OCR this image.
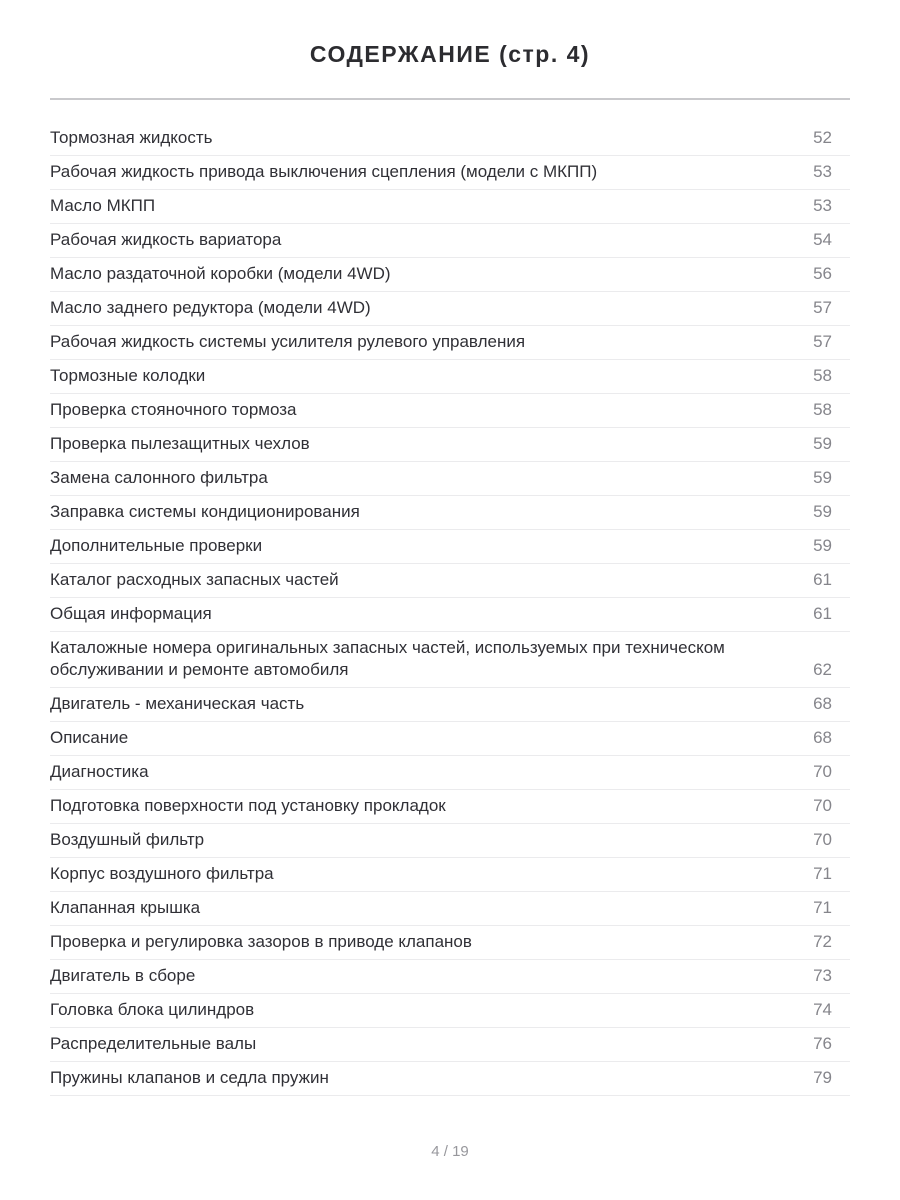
СОДЕРЖАНИЕ (стр. 4)
Тормозная жидкость	52
Рабочая жидкость привода выключения сцепления (модели с МКПП)	53
Масло МКПП	53
Рабочая жидкость вариатора	54
Масло раздаточной коробки (модели 4WD)	56
Масло заднего редуктора (модели 4WD)	57
Рабочая жидкость системы усилителя рулевого управления	57
Тормозные колодки	58
Проверка стояночного тормоза	58
Проверка пылезащитных чехлов	59
Замена салонного фильтра	59
Заправка системы кондиционирования	59
Дополнительные проверки	59
Каталог расходных запасных частей	61
Общая информация	61
Каталожные номера оригинальных запасных частей, используемых при техническом обслуживании и ремонте автомобиля	62
Двигатель - механическая часть	68
Описание	68
Диагностика	70
Подготовка поверхности под установку прокладок	70
Воздушный фильтр	70
Корпус воздушного фильтра	71
Клапанная крышка	71
Проверка и регулировка зазоров в приводе клапанов	72
Двигатель в сборе	73
Головка блока цилиндров	74
Распределительные валы	76
Пружины клапанов и седла пружин	79
4 / 19
